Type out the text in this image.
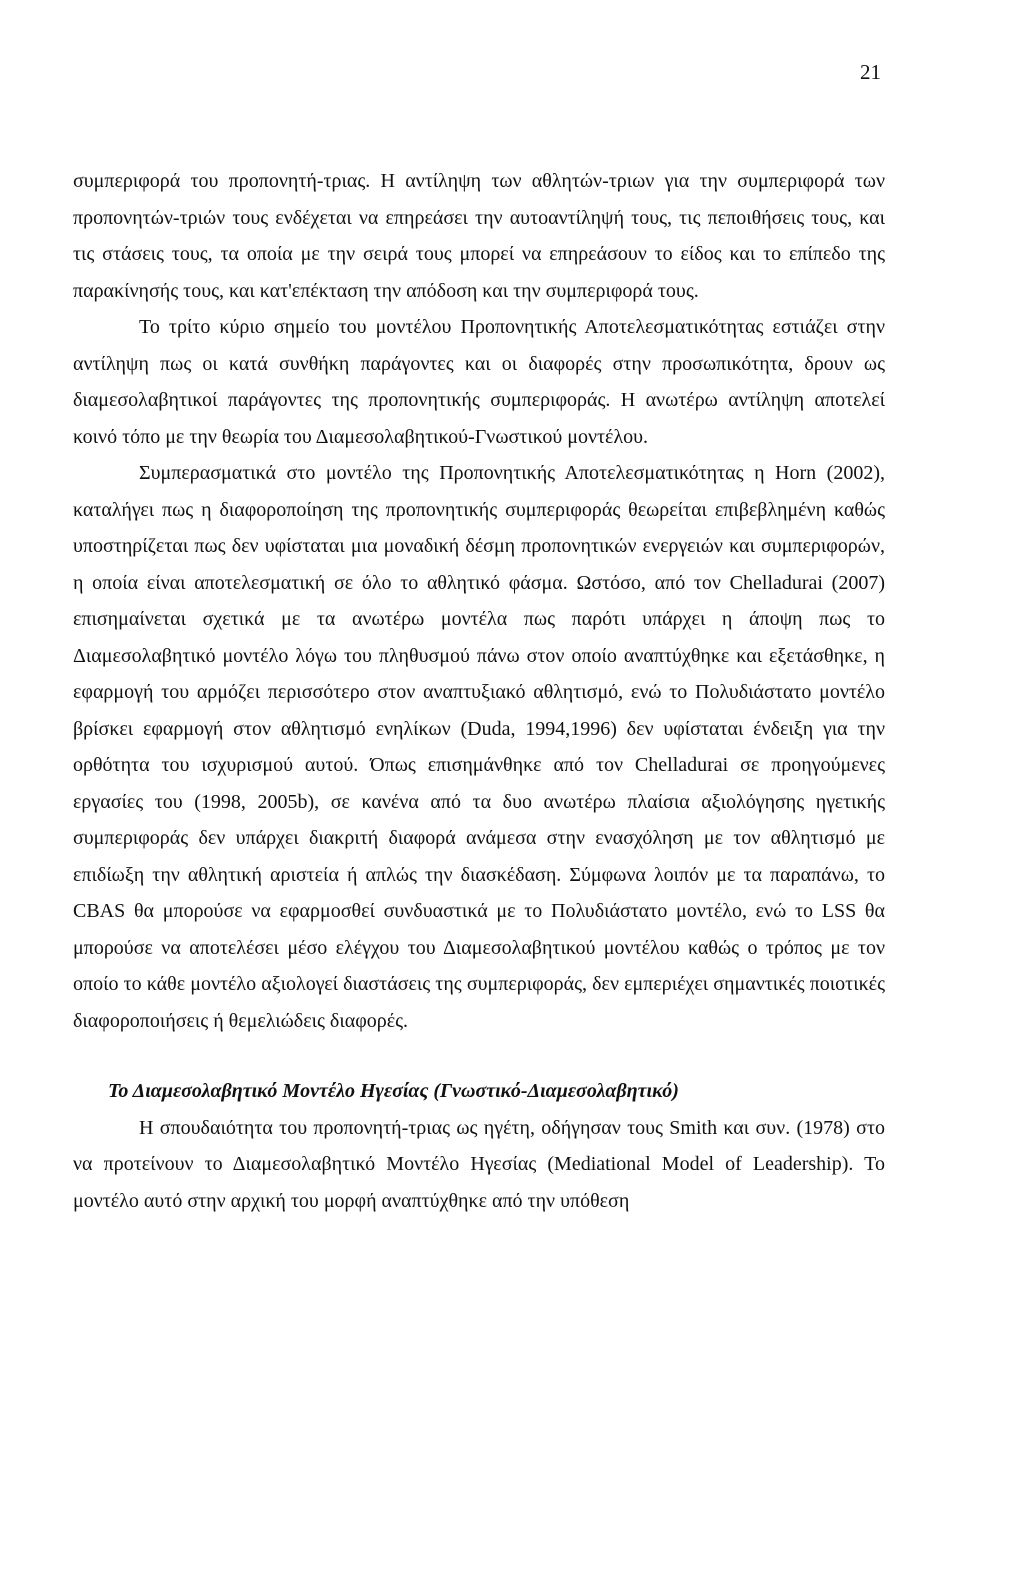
21

συμπεριφορά του προπονητή-τριας. Η αντίληψη των αθλητών-τριων για την συμπεριφορά των προπονητών-τριών τους ενδέχεται να επηρεάσει την αυτοαντίληψή τους, τις πεποιθήσεις τους, και τις στάσεις τους, τα οποία με την σειρά τους μπορεί να επηρεάσουν το είδος και το επίπεδο της παρακίνησής τους, και κατ'επέκταση την απόδοση και την συμπεριφορά τους.

Το τρίτο κύριο σημείο του μοντέλου Προπονητικής Αποτελεσματικότητας εστιάζει στην αντίληψη πως οι κατά συνθήκη παράγοντες και οι διαφορές στην προσωπικότητα, δρουν ως διαμεσολαβητικοί παράγοντες της προπονητικής συμπεριφοράς. Η ανωτέρω αντίληψη αποτελεί κοινό τόπο με την θεωρία του Διαμεσολαβητικού-Γνωστικού μοντέλου.

Συμπερασματικά στο μοντέλο της Προπονητικής Αποτελεσματικότητας η Horn (2002), καταλήγει πως η διαφοροποίηση της προπονητικής συμπεριφοράς θεωρείται επιβεβλημένη καθώς υποστηρίζεται πως δεν υφίσταται μια μοναδική δέσμη προπονητικών ενεργειών και συμπεριφορών, η οποία είναι αποτελεσματική σε όλο το αθλητικό φάσμα. Ωστόσο, από τον Chelladurai (2007) επισημαίνεται σχετικά με τα ανωτέρω μοντέλα πως παρότι υπάρχει η άποψη πως το Διαμεσολαβητικό μοντέλο λόγω του πληθυσμού πάνω στον οποίο αναπτύχθηκε και εξετάσθηκε, η εφαρμογή του αρμόζει περισσότερο στον αναπτυξιακό αθλητισμό, ενώ το Πολυδιάστατο μοντέλο βρίσκει εφαρμογή στον αθλητισμό ενηλίκων (Duda, 1994,1996) δεν υφίσταται ένδειξη για την ορθότητα του ισχυρισμού αυτού. Όπως επισημάνθηκε από τον Chelladurai σε προηγούμενες εργασίες του (1998, 2005b), σε κανένα από τα δυο ανωτέρω πλαίσια αξιολόγησης ηγετικής συμπεριφοράς δεν υπάρχει διακριτή διαφορά ανάμεσα στην ενασχόληση με τον αθλητισμό με επιδίωξη την αθλητική αριστεία ή απλώς την διασκέδαση. Σύμφωνα λοιπόν με τα παραπάνω, το CBAS θα μπορούσε να εφαρμοσθεί συνδυαστικά με το Πολυδιάστατο μοντέλο, ενώ το LSS θα μπορούσε να αποτελέσει μέσο ελέγχου του Διαμεσολαβητικού μοντέλου καθώς ο τρόπος με τον οποίο το κάθε μοντέλο αξιολογεί διαστάσεις της συμπεριφοράς, δεν εμπεριέχει σημαντικές ποιοτικές διαφοροποιήσεις ή θεμελιώδεις διαφορές.

Το Διαμεσολαβητικό Μοντέλο Ηγεσίας (Γνωστικό-Διαμεσολαβητικό)

Η σπουδαιότητα του προπονητή-τριας ως ηγέτη, οδήγησαν τους Smith και συν. (1978) στο να προτείνουν το Διαμεσολαβητικό Μοντέλο Ηγεσίας (Mediational Model of Leadership). Το μοντέλο αυτό στην αρχική του μορφή αναπτύχθηκε από την υπόθεση
